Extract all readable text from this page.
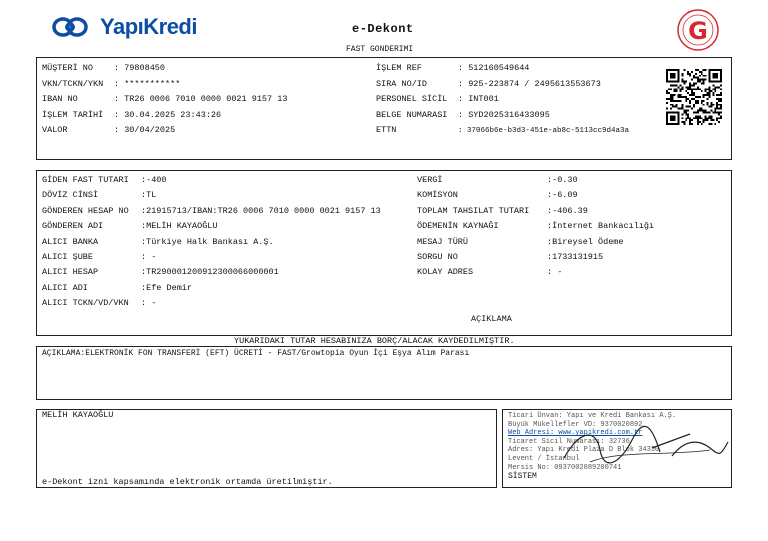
YapıKredi	e-Dekont
FAST GONDERIMI
G
MÜŞTERİ NO : 79808450
VKN/TCKN/YKN : ***********
IBAN NO	: TR26 0006 7010 0000 0021 9157 13
İŞLEM TARİHİ : 30.04.2025 23:43:26
VALOR	: 30/04/2025
İŞLEM REF	: 512160549644
SIRA NO/ID	: 925-223874 / 2495613553673
PERSONEL SİCİL : INT001
BELGE NUMARASI : SYD2025316433095
ETTN	: 37066b6e-b3d3-451e-ab8c-5113cc9d4a3a
GİDEN FAST TUTARI :-400
DÖVİZ CİNSİ	:TL
GÖNDEREN HESAP NO :21915713/IBAN:TR26 0006 7010 0000 0021 9157 13
GÖNDEREN ADI	:MELİH KAYAOĞLU
ALICI BANKA	:Türkiye Halk Bankası A.Ş.
ALICI ŞUBE	: -
ALICI HESAP	:TR290001200912300066000001
ALICI ADI	:Efe Demir
ALICI TCKN/VD/VKN : -
VERGİ	:-0.30
KOMİSYON	:-6.09
TOPLAM TAHSILAT TUTARI :-406.39
ÖDEMENİN KAYNAĞI	:İnternet Bankacılığı
MESAJ TÜRÜ	:Bireysel Ödeme
SORGU NO	:1733131915
KOLAY ADRES	: -
AÇIKLAMA
YUKARIDAKI TUTAR HESABINIZA BORÇ/ALACAK KAYDEDILMIŞTIR.
AÇIKLAMA:ELEKTRONİK FON TRANSFERİ (EFT) ÜCRETİ - FAST/Growtopia Oyun İçi Eşya Alım Parası
MELİH KAYAOĞLU
e-Dekont izni kapsamında elektronik ortamda üretilmiştir.
Ticari Ünvan: Yapı ve Kredi Bankası A.Ş.
Büyük Mükellefler VD: 9370020892
Web Adresi: www.yapikredi.com.tr
Ticaret Sicil Numarası: 32736
Adres: Yapı Kredi Plaza D Blok 34330
Levent / İstanbul
Mersis No: 0937002089200741
SİSTEM
